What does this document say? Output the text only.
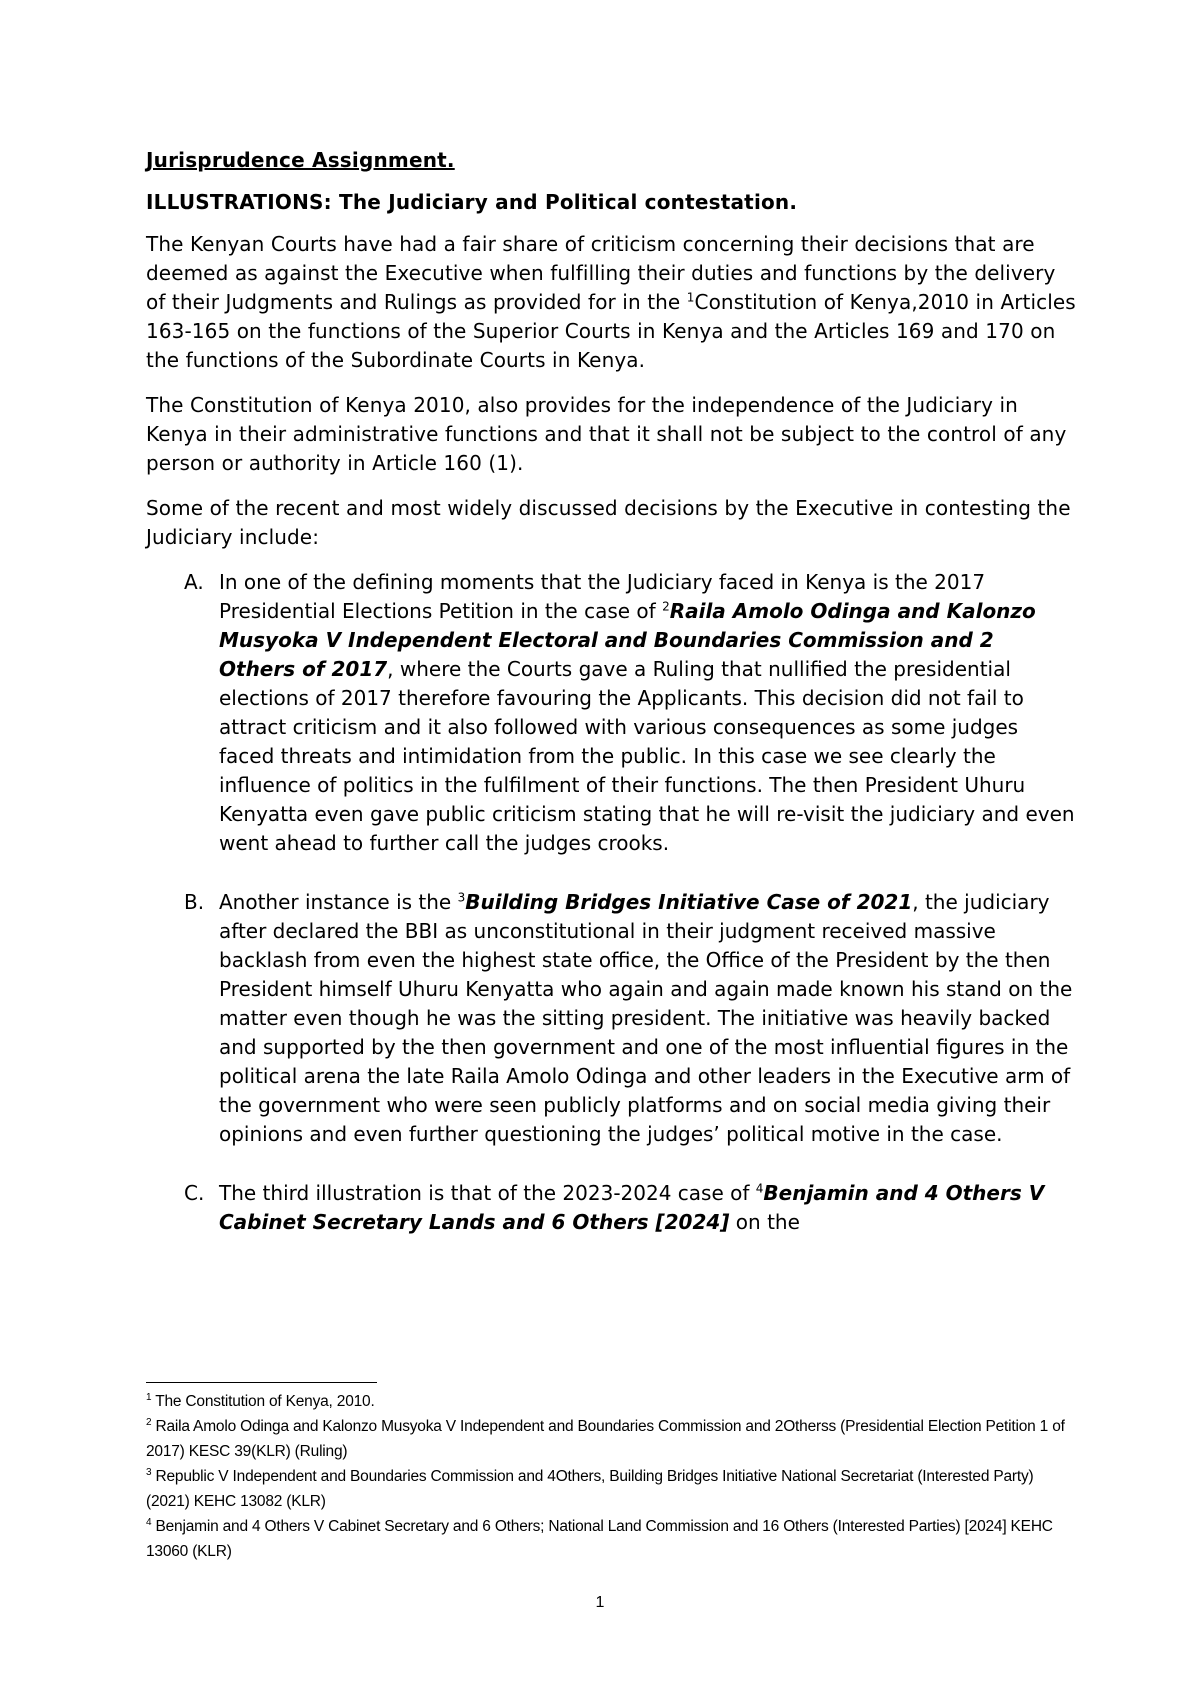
Jurisprudence Assignment.

ILLUSTRATIONS: The Judiciary and Political contestation.

The Kenyan Courts have had a fair share of criticism concerning their decisions that are deemed as against the Executive when fulfilling their duties and functions by the delivery of their Judgments and Rulings as provided for in the $^1$Constitution of Kenya,2010 in Articles 163-165 on the functions of the Superior Courts in Kenya and the Articles 169 and 170 on the functions of the Subordinate Courts in Kenya.

The Constitution of Kenya 2010, also provides for the independence of the Judiciary in Kenya in their administrative functions and that it shall not be subject to the control of any person or authority in Article 160 (1).

Some of the recent and most widely discussed decisions by the Executive in contesting the Judiciary include:

A. In one of the defining moments that the Judiciary faced in Kenya is the 2017 Presidential Elections Petition in the case of $^2$Raila Amolo Odinga and Kalonzo Musyoka V Independent Electoral and Boundaries Commission and 2 Others of 2017, where the Courts gave a Ruling that nullified the presidential elections of 2017 therefore favouring the Applicants. This decision did not fail to attract criticism and it also followed with various consequences as some judges faced threats and intimidation from the public. In this case we see clearly the influence of politics in the fulfilment of their functions. The then President Uhuru Kenyatta even gave public criticism stating that he will re-visit the judiciary and even went ahead to further call the judges crooks.
B. Another instance is the $^3$Building Bridges Initiative Case of 2021, the judiciary after declared the BBI as unconstitutional in their judgment received massive backlash from even the highest state office, the Office of the President by the then President himself Uhuru Kenyatta who again and again made known his stand on the matter even though he was the sitting president. The initiative was heavily backed and supported by the then government and one of the most influential figures in the political arena the late Raila Amolo Odinga and other leaders in the Executive arm of the government who were seen publicly platforms and on social media giving their opinions and even further questioning the judges’ political motive in the case.
C. The third illustration is that of the 2023-2024 case of $^4$Benjamin and 4 Others V Cabinet Secretary Lands and 6 Others [2024] on the

$^1$ The Constitution of Kenya, 2010.

$^2$ Raila Amolo Odinga and Kalonzo Musyoka V Independent and Boundaries Commission and 2Otherss (Presidential Election Petition 1 of 2017) KESC 39(KLR) (Ruling)

$^3$ Republic V Independent and Boundaries Commission and 4Others, Building Bridges Initiative National Secretariat (Interested Party) (2021) KEHC 13082 (KLR)

$^4$ Benjamin and 4 Others V Cabinet Secretary and 6 Others; National Land Commission and 16 Others (Interested Parties) [2024] KEHC 13060 (KLR)

1
